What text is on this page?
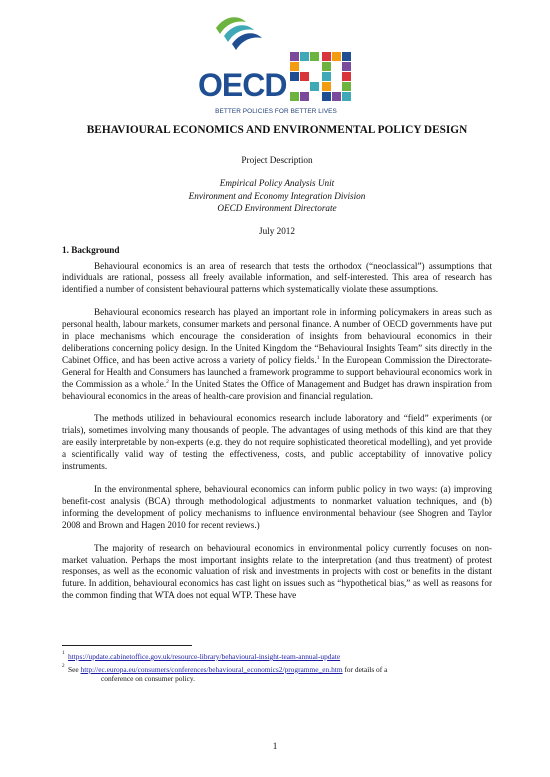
OECD
BETTER POLICIES FOR BETTER LIVES
BEHAVIOURAL ECONOMICS AND ENVIRONMENTAL POLICY DESIGN
Project Description
Empirical Policy Analysis Unit
Environment and Economy Integration Division
OECD Environment Directorate
July 2012
1. Background

Behavioural economics is an area of research that tests the orthodox (“neoclassical”) assumptions that individuals are rational, possess all freely available information, and self-interested. This area of research has identified a number of consistent behavioural patterns which systematically violate these assumptions.

Behavioural economics research has played an important role in informing policymakers in areas such as personal health, labour markets, consumer markets and personal finance. A number of OECD governments have put in place mechanisms which encourage the consideration of insights from behavioural economics in their deliberations concerning policy design. In the United Kingdom the “Behavioural Insights Team” sits directly in the Cabinet Office, and has been active across a variety of policy fields.$^1$ In the European Commission the Directorate-General for Health and Consumers has launched a framework programme to support behavioural economics work in the Commission as a whole.$^2$ In the United States the Office of Management and Budget has drawn inspiration from behavioural economics in the areas of health-care provision and financial regulation.

The methods utilized in behavioural economics research include laboratory and “field” experiments (or trials), sometimes involving many thousands of people. The advantages of using methods of this kind are that they are easily interpretable by non-experts (e.g. they do not require sophisticated theoretical modelling), and yet provide a scientifically valid way of testing the effectiveness, costs, and public acceptability of innovative policy instruments.

In the environmental sphere, behavioural economics can inform public policy in two ways: (a) improving benefit-cost analysis (BCA) through methodological adjustments to nonmarket valuation techniques, and (b) informing the development of policy mechanisms to influence environmental behaviour (see Shogren and Taylor 2008 and Brown and Hagen 2010 for recent reviews.)

The majority of research on behavioural economics in environmental policy currently focuses on non-market valuation. Perhaps the most important insights relate to the interpretation (and thus treatment) of protest responses, as well as the economic valuation of risk and investments in projects with cost or benefits in the distant future. In addition, behavioural economics has cast light on issues such as “hypothetical bias,” as well as reasons for the common finding that WTA does not equal WTP. These have

1 https://update.cabinetoffice.gov.uk/resource-library/behavioural-insight-team-annual-update
2 See http://ec.europa.eu/consumers/conferences/behavioural_economics2/programme_en.htm for details of a
conference on consumer policy.
1
